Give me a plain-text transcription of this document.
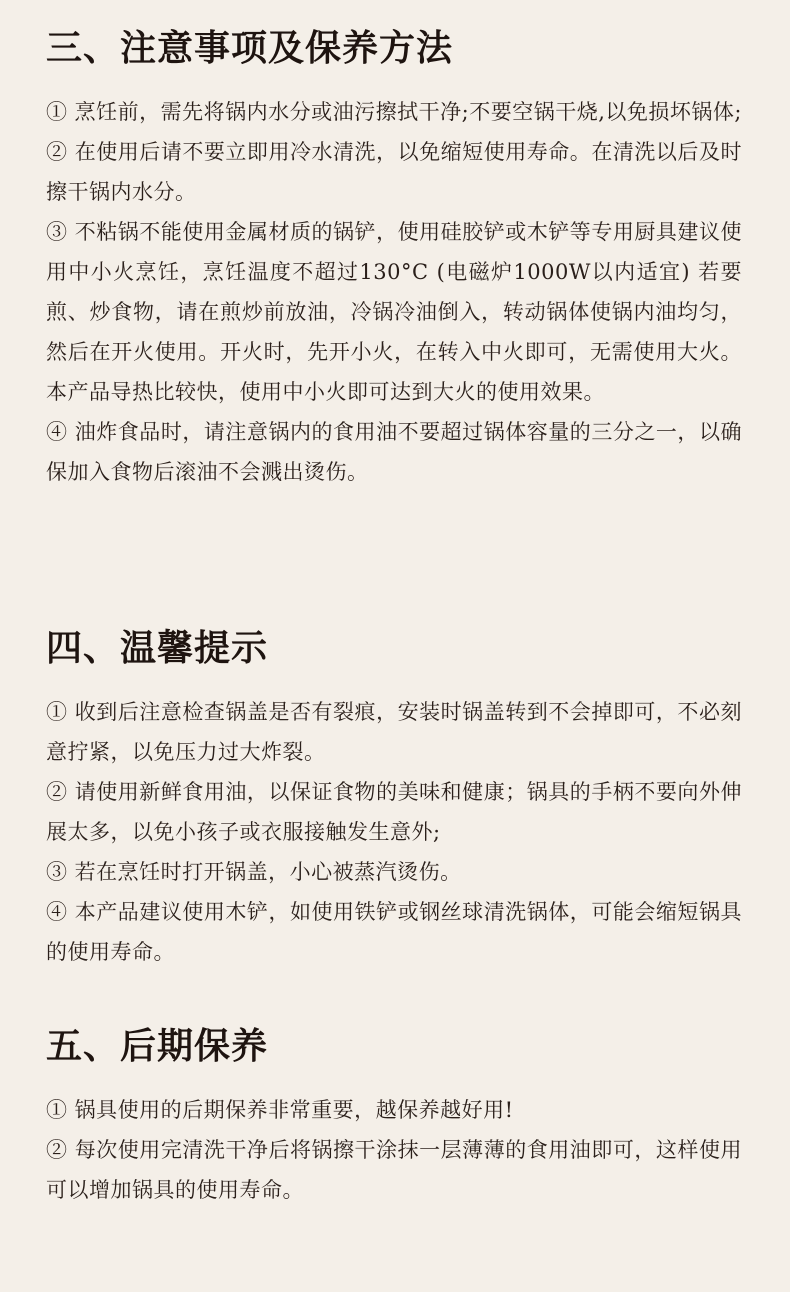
三、注意事项及保养方法
① 烹饪前，需先将锅内水分或油污擦拭干净;不要空锅干烧,以免损坏锅体;
② 在使用后请不要立即用冷水清洗，以免缩短使用寿命。在清洗以后及时擦干锅内水分。
③ 不粘锅不能使用金属材质的锅铲，使用硅胶铲或木铲等专用厨具建议使用中小火烹饪，烹饪温度不超过130°C (电磁炉1000W以内适宜) 若要煎、炒食物，请在煎炒前放油，冷锅冷油倒入，转动锅体使锅内油均匀，然后在开火使用。开火时，先开小火，在转入中火即可，无需使用大火。本产品导热比较快，使用中小火即可达到大火的使用效果。
④ 油炸食品时，请注意锅内的食用油不要超过锅体容量的三分之一，以确保加入食物后滚油不会溅出烫伤。
四、温馨提示
① 收到后注意检查锅盖是否有裂痕，安装时锅盖转到不会掉即可，不必刻意拧紧，以免压力过大炸裂。
② 请使用新鲜食用油，以保证食物的美味和健康；锅具的手柄不要向外伸展太多，以免小孩子或衣服接触发生意外;
③ 若在烹饪时打开锅盖，小心被蒸汽烫伤。
④ 本产品建议使用木铲，如使用铁铲或钢丝球清洗锅体，可能会缩短锅具的使用寿命。
五、后期保养
① 锅具使用的后期保养非常重要，越保养越好用!
② 每次使用完清洗干净后将锅擦干涂抹一层薄薄的食用油即可，这样使用可以增加锅具的使用寿命。
